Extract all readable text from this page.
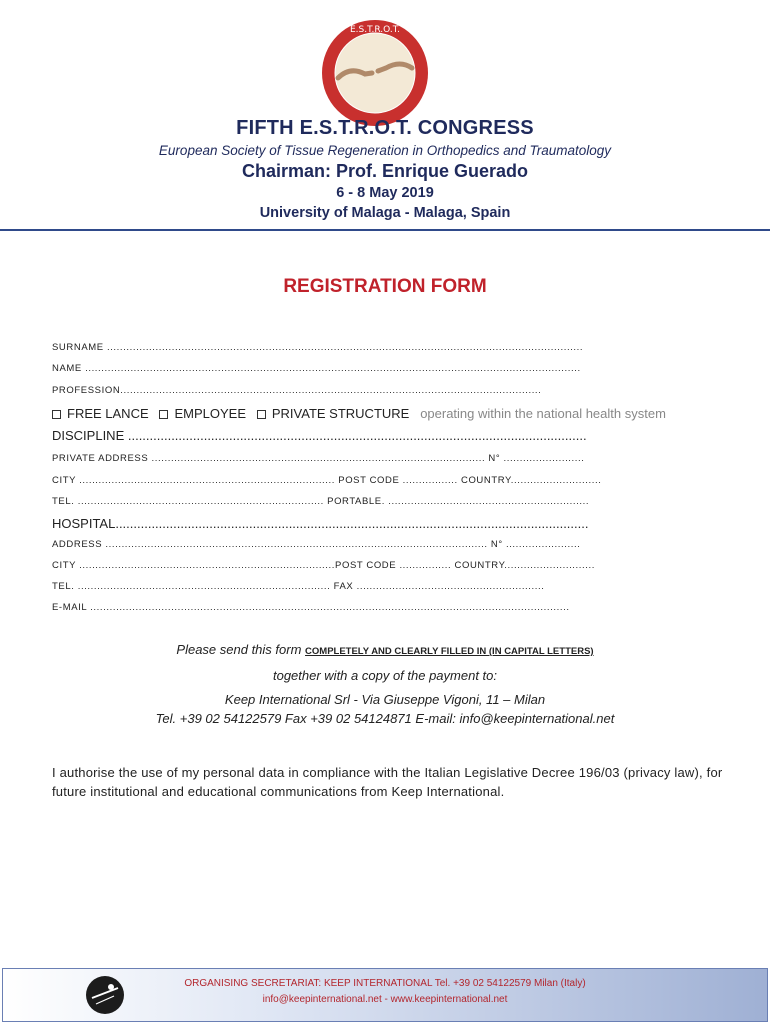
E.S.T.R.O.T.
FIFTH E.S.T.R.O.T. CONGRESS
European Society of Tissue Regeneration in Orthopedics and Traumatology
Chairman: Prof. Enrique Guerado
6 - 8 May 2019
University of Malaga - Malaga, Spain
REGISTRATION FORM
SURNAME ...................................................................................................................................................
NAME .........................................................................................................................................................
PROFESSION..................................................................................................................................
FREE LANCE EMPLOYEE PRIVATE STRUCTURE operating within the national health system
DISCIPLINE ...............................................................................................................................
PRIVATE ADDRESS ....................................................................................................... N° .........................
CITY ............................................................................... POST CODE ................. COUNTRY............................
TEL. ............................................................................ PORTABLE. ..............................................................
HOSPITAL...................................................................................................................................
ADDRESS ...................................................................................................................... N° .......................
CITY ...............................................................................POST CODE ................ COUNTRY............................
TEL. .............................................................................. FAX ..........................................................
E-MAIL ....................................................................................................................................................
Please send this form COMPLETELY AND CLEARLY FILLED IN (IN CAPITAL LETTERS)
together with a copy of the payment to:
Keep International Srl - Via Giuseppe Vigoni, 11 – Milan
Tel. +39 02 54122579 Fax +39 02 54124871 E-mail: info@keepinternational.net
I authorise the use of my personal data in compliance with the Italian Legislative Decree 196/03 (privacy law), for future institutional and educational communications from Keep International.
ORGANISING SECRETARIAT: KEEP INTERNATIONAL Tel. +39 02 54122579 Milan (Italy)
info@keepinternational.net - www.keepinternational.net
